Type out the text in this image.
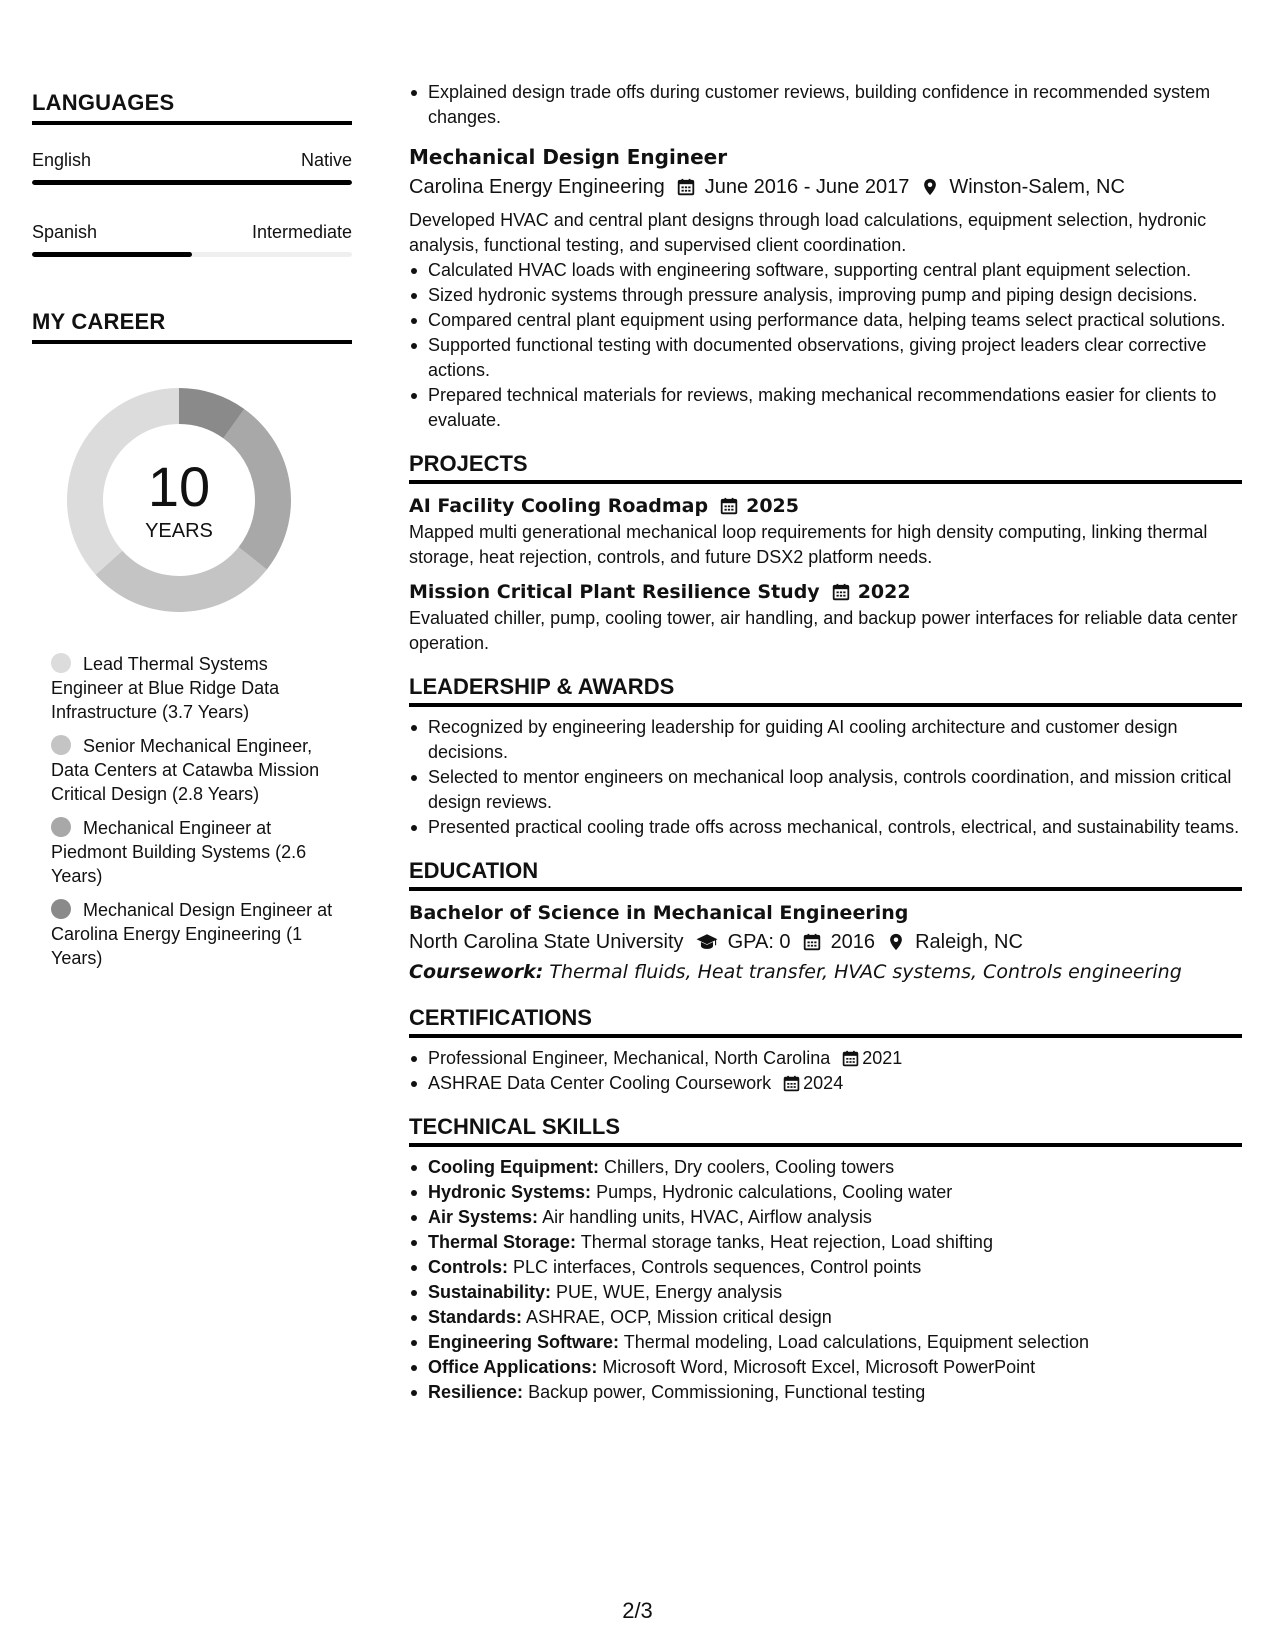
LANGUAGES
English	Native
Spanish	Intermediate
MY CAREER
10
YEARS
Lead Thermal Systems Engineer at Blue Ridge Data Infrastructure (3.7 Years)
Senior Mechanical Engineer, Data Centers at Catawba Mission Critical Design (2.8 Years)
Mechanical Engineer at Piedmont Building Systems (2.6 Years)
Mechanical Design Engineer at Carolina Energy Engineering (1 Years)
Explained design trade offs during customer reviews, building confidence in recommended system changes.
Mechanical Design Engineer
Carolina Energy Engineering June 2016 - June 2017 Winston-Salem, NC
Developed HVAC and central plant designs through load calculations, equipment selection, hydronic analysis, functional testing, and supervised client coordination.
Calculated HVAC loads with engineering software, supporting central plant equipment selection.
Sized hydronic systems through pressure analysis, improving pump and piping design decisions.
Compared central plant equipment using performance data, helping teams select practical solutions.
Supported functional testing with documented observations, giving project leaders clear corrective actions.
Prepared technical materials for reviews, making mechanical recommendations easier for clients to evaluate.
PROJECTS
AI Facility Cooling Roadmap 2025
Mapped multi generational mechanical loop requirements for high density computing, linking thermal storage, heat rejection, controls, and future DSX2 platform needs.
Mission Critical Plant Resilience Study 2022
Evaluated chiller, pump, cooling tower, air handling, and backup power interfaces for reliable data center operation.
LEADERSHIP & AWARDS
Recognized by engineering leadership for guiding AI cooling architecture and customer design decisions.
Selected to mentor engineers on mechanical loop analysis, controls coordination, and mission critical design reviews.
Presented practical cooling trade offs across mechanical, controls, electrical, and sustainability teams.
EDUCATION
Bachelor of Science in Mechanical Engineering
North Carolina State University GPA: 0 2016 Raleigh, NC
Coursework: Thermal fluids, Heat transfer, HVAC systems, Controls engineering
CERTIFICATIONS
Professional Engineer, Mechanical, North Carolina 2021
ASHRAE Data Center Cooling Coursework 2024
TECHNICAL SKILLS
Cooling Equipment: Chillers, Dry coolers, Cooling towers
Hydronic Systems: Pumps, Hydronic calculations, Cooling water
Air Systems: Air handling units, HVAC, Airflow analysis
Thermal Storage: Thermal storage tanks, Heat rejection, Load shifting
Controls: PLC interfaces, Controls sequences, Control points
Sustainability: PUE, WUE, Energy analysis
Standards: ASHRAE, OCP, Mission critical design
Engineering Software: Thermal modeling, Load calculations, Equipment selection
Office Applications: Microsoft Word, Microsoft Excel, Microsoft PowerPoint
Resilience: Backup power, Commissioning, Functional testing
2/3
